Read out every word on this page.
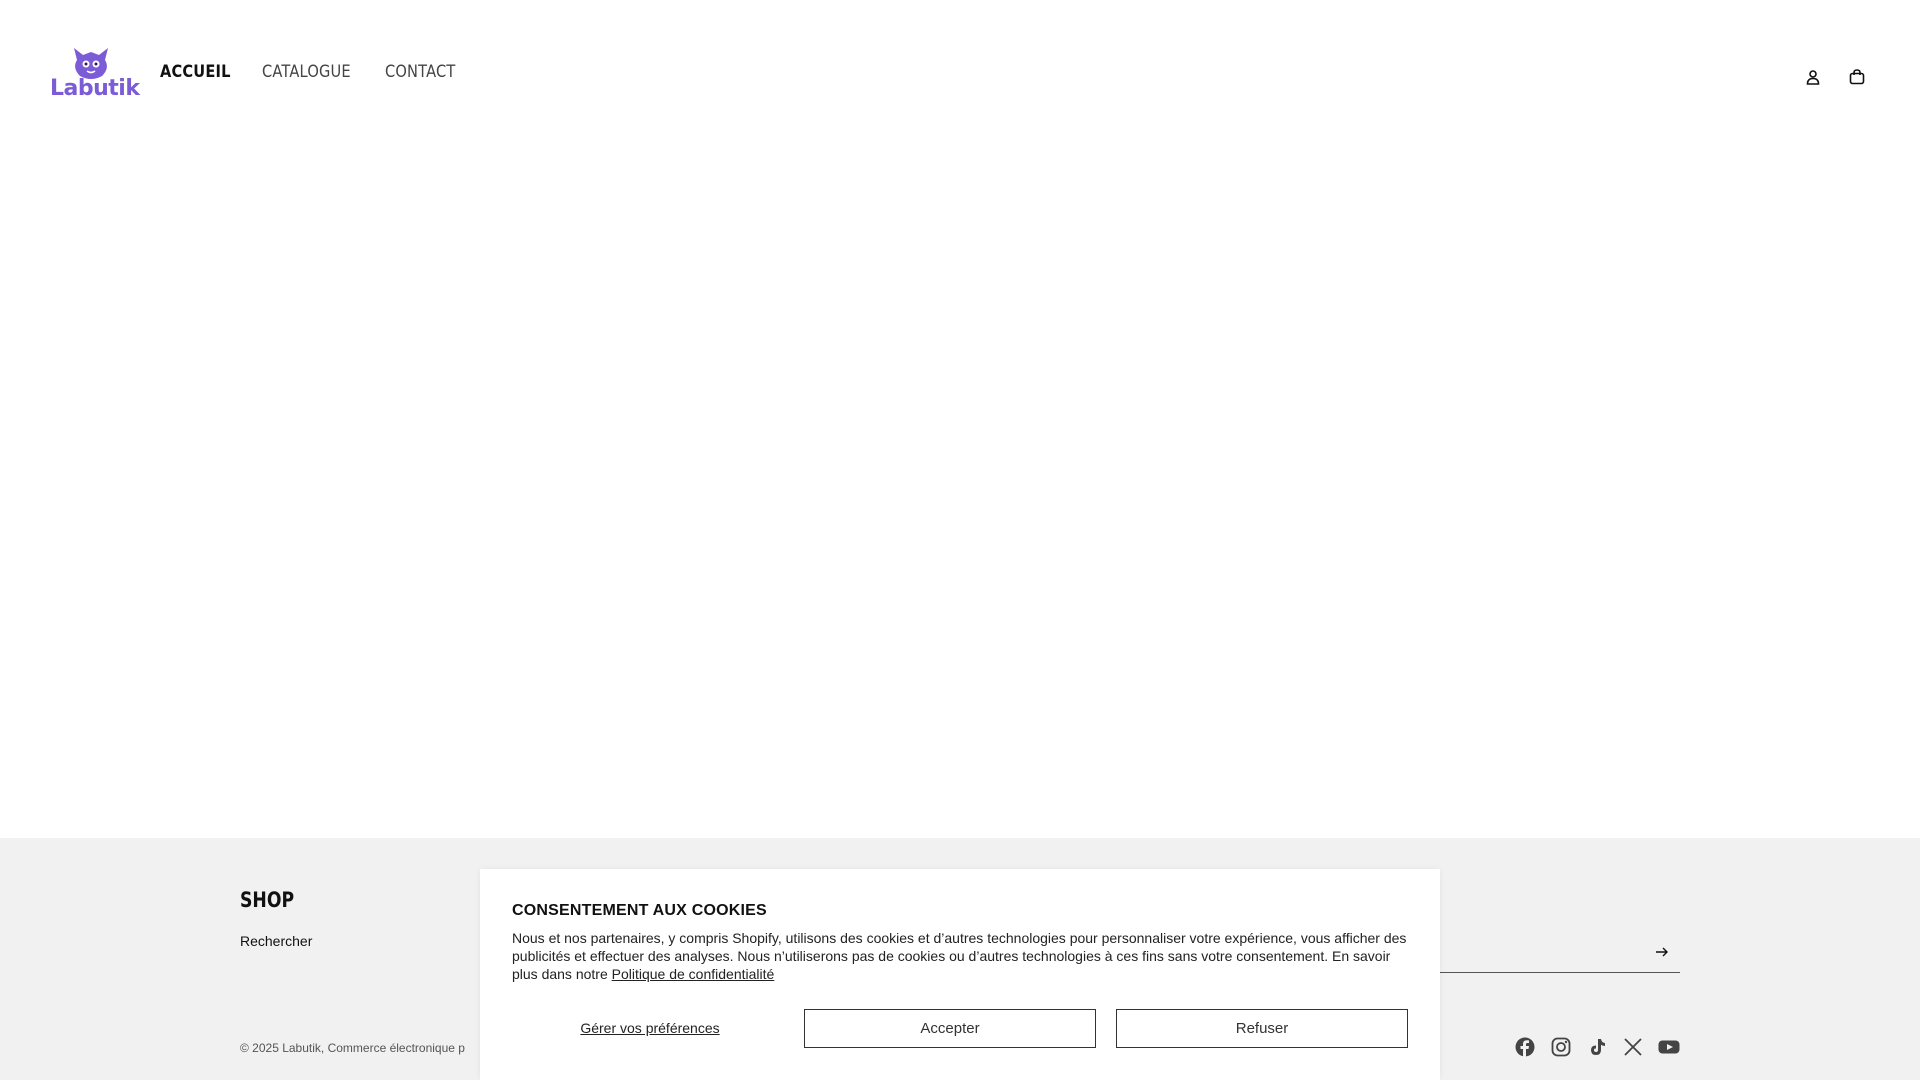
Labutik
ACCUEIL CATALOGUE CONTACT
SHOP
Rechercher
© 2025 Labutik, Commerce électronique p
CONSENTEMENT AUX COOKIES

Nous et nos partenaires, y compris Shopify, utilisons des cookies et d’autres technologies pour personnaliser votre expérience, vous afficher des publicités et effectuer des analyses. Nous n’utiliserons pas de cookies ou d’autres technologies à ces fins sans votre consentement. En savoir plus dans notre Politique de confidentialité

Gérer vos préférences	Accepter	Refuser
